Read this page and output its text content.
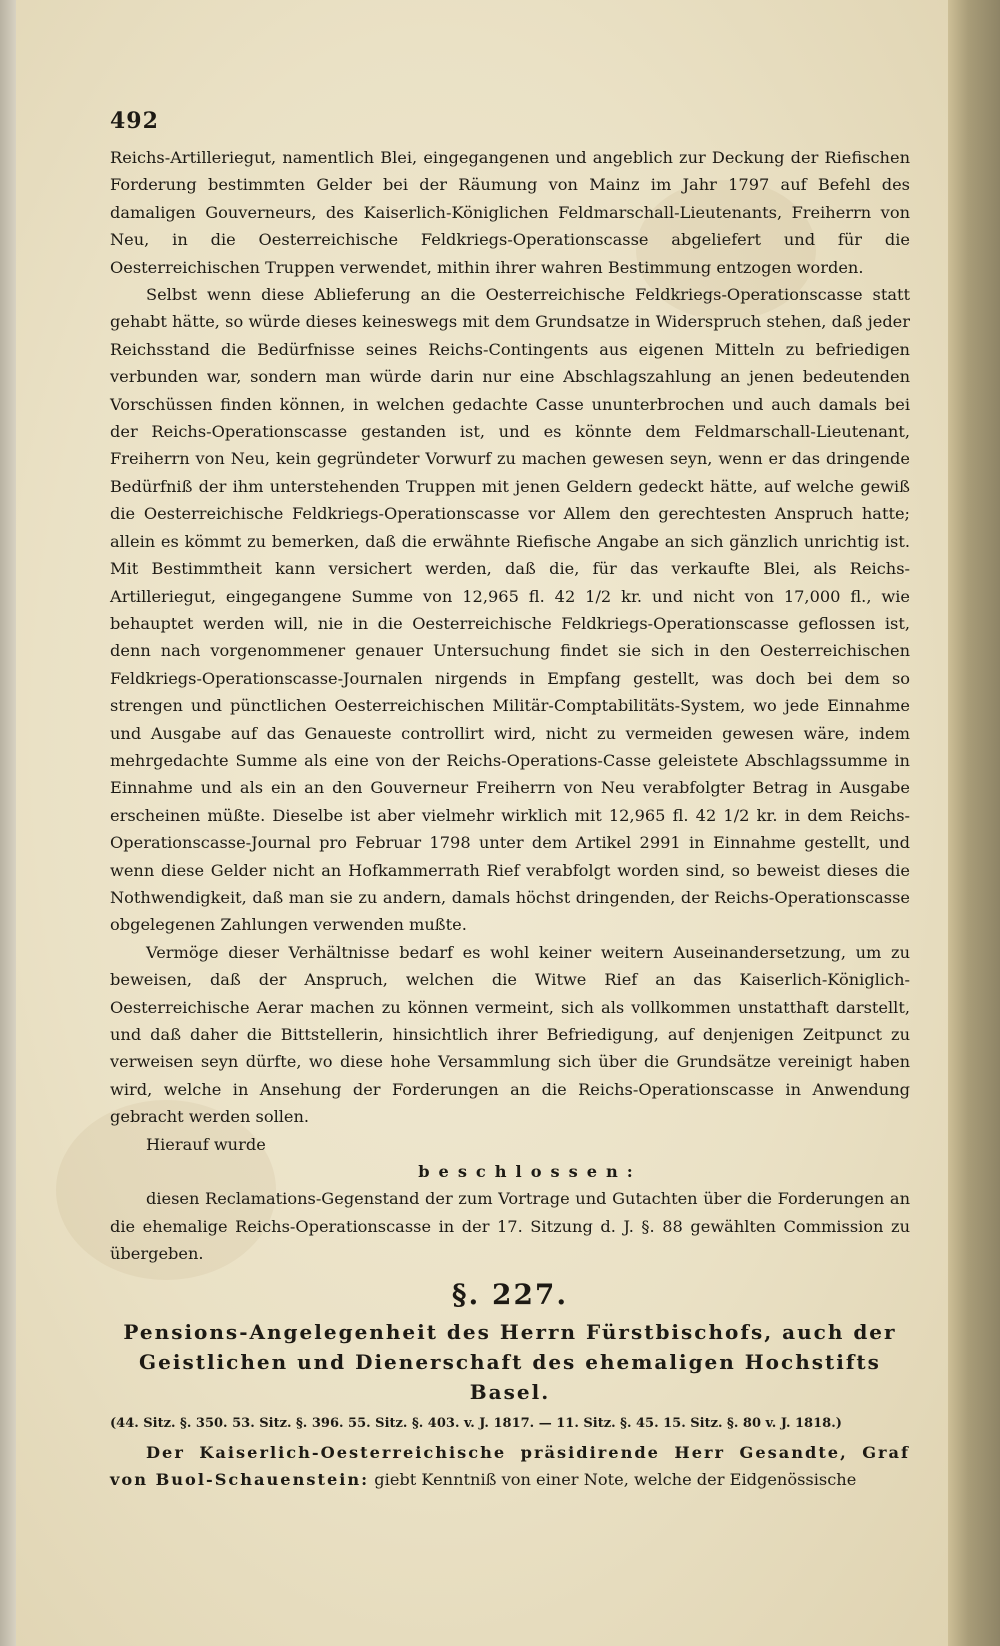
492

Reichs-Artilleriegut, namentlich Blei, eingegangenen und angeblich zur Deckung der Riefischen Forderung bestimmten Gelder bei der Räumung von Mainz im Jahr 1797 auf Befehl des damaligen Gouverneurs, des Kaiserlich-Königlichen Feldmarschall-Lieutenants, Freiherrn von Neu, in die Oesterreichische Feldkriegs-Operationscasse abgeliefert und für die Oesterreichischen Truppen verwendet, mithin ihrer wahren Bestimmung entzogen worden.

Selbst wenn diese Ablieferung an die Oesterreichische Feldkriegs-Operationscasse statt gehabt hätte, so würde dieses keineswegs mit dem Grundsatze in Widerspruch stehen, daß jeder Reichsstand die Bedürfnisse seines Reichs-Contingents aus eigenen Mitteln zu befriedigen verbunden war, sondern man würde darin nur eine Abschlagszahlung an jenen bedeutenden Vorschüssen finden können, in welchen gedachte Casse ununterbrochen und auch damals bei der Reichs-Operationscasse gestanden ist, und es könnte dem Feldmarschall-Lieutenant, Freiherrn von Neu, kein gegründeter Vorwurf zu machen gewesen seyn, wenn er das dringende Bedürfniß der ihm unterstehenden Truppen mit jenen Geldern gedeckt hätte, auf welche gewiß die Oesterreichische Feldkriegs-Operationscasse vor Allem den gerechtesten Anspruch hatte; allein es kömmt zu bemerken, daß die erwähnte Riefische Angabe an sich gänzlich unrichtig ist. Mit Bestimmtheit kann versichert werden, daß die, für das verkaufte Blei, als Reichs-Artilleriegut, eingegangene Summe von 12,965 fl. 42 1/2 kr. und nicht von 17,000 fl., wie behauptet werden will, nie in die Oesterreichische Feldkriegs-Operationscasse geflossen ist, denn nach vorgenommener genauer Untersuchung findet sie sich in den Oesterreichischen Feldkriegs-Operationscasse-Journalen nirgends in Empfang gestellt, was doch bei dem so strengen und pünctlichen Oesterreichischen Militär-Comptabilitäts-System, wo jede Einnahme und Ausgabe auf das Genaueste controllirt wird, nicht zu vermeiden gewesen wäre, indem mehrgedachte Summe als eine von der Reichs-Operations-Casse geleistete Abschlagssumme in Einnahme und als ein an den Gouverneur Freiherrn von Neu verabfolgter Betrag in Ausgabe erscheinen müßte. Dieselbe ist aber vielmehr wirklich mit 12,965 fl. 42 1/2 kr. in dem Reichs-Operationscasse-Journal pro Februar 1798 unter dem Artikel 2991 in Einnahme gestellt, und wenn diese Gelder nicht an Hofkammerrath Rief verabfolgt worden sind, so beweist dieses die Nothwendigkeit, daß man sie zu andern, damals höchst dringenden, der Reichs-Operationscasse obgelegenen Zahlungen verwenden mußte.

Vermöge dieser Verhältnisse bedarf es wohl keiner weitern Auseinandersetzung, um zu beweisen, daß der Anspruch, welchen die Witwe Rief an das Kaiserlich-Königlich-Oesterreichische Aerar machen zu können vermeint, sich als vollkommen unstatthaft darstellt, und daß daher die Bittstellerin, hinsichtlich ihrer Befriedigung, auf denjenigen Zeitpunct zu verweisen seyn dürfte, wo diese hohe Versammlung sich über die Grundsätze vereinigt haben wird, welche in Ansehung der Forderungen an die Reichs-Operationscasse in Anwendung gebracht werden sollen.

Hierauf wurde
beschlossen:

diesen Reclamations-Gegenstand der zum Vortrage und Gutachten über die Forderungen an die ehemalige Reichs-Operationscasse in der 17. Sitzung d. J. §. 88 gewählten Commission zu übergeben.

§. 227.
Pensions-Angelegenheit des Herrn Fürstbischofs, auch der Geistlichen und Dienerschaft des ehemaligen Hochstifts Basel.
(44. Sitz. §. 350. 53. Sitz. §. 396. 55. Sitz. §. 403. v. J. 1817. — 11. Sitz. §. 45. 15. Sitz. §. 80 v. J. 1818.)

Der Kaiserlich-Oesterreichische präsidirende Herr Gesandte, Graf von Buol-Schauenstein: giebt Kenntniß von einer Note, welche der Eidgenössische
